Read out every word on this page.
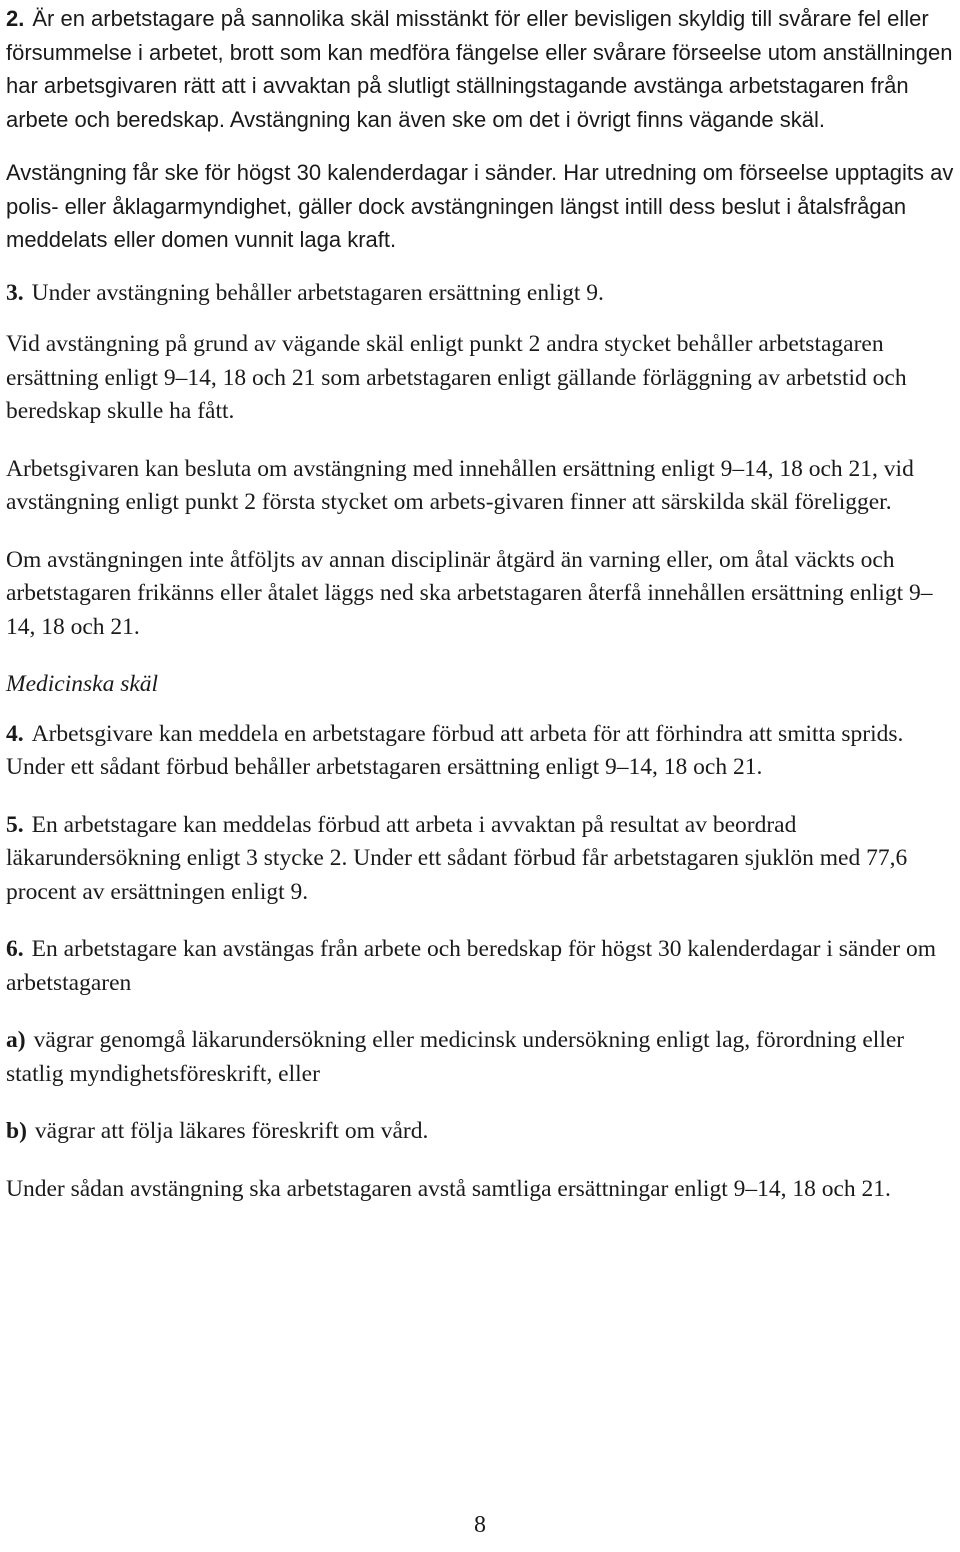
2. Är en arbetstagare på sannolika skäl misstänkt för eller bevisligen skyldig till svårare fel eller försummelse i arbetet, brott som kan medföra fängelse eller svårare förseelse utom anställningen har arbetsgivaren rätt att i avvaktan på slutligt ställningstagande avstänga arbetstagaren från arbete och beredskap. Avstängning kan även ske om det i övrigt finns vägande skäl.

Avstängning får ske för högst 30 kalenderdagar i sänder. Har utredning om förseelse upptagits av polis- eller åklagarmyndighet, gäller dock avstängningen längst intill dess beslut i åtalsfrågan meddelats eller domen vunnit laga kraft.

3. Under avstängning behåller arbetstagaren ersättning enligt 9.

Vid avstängning på grund av vägande skäl enligt punkt 2 andra stycket behåller arbetstagaren ersättning enligt 9–14, 18 och 21 som arbetstagaren enligt gällande förläggning av arbetstid och beredskap skulle ha fått.

Arbetsgivaren kan besluta om avstängning med innehållen ersättning enligt 9–14, 18 och 21, vid avstängning enligt punkt 2 första stycket om arbets-givaren finner att särskilda skäl föreligger.

Om avstängningen inte åtföljts av annan disciplinär åtgärd än varning eller, om åtal väckts och arbetstagaren frikänns eller åtalet läggs ned ska arbetstagaren återfå innehållen ersättning enligt 9–14, 18 och 21.

Medicinska skäl

4. Arbetsgivare kan meddela en arbetstagare förbud att arbeta för att förhindra att smitta sprids. Under ett sådant förbud behåller arbetstagaren ersättning enligt 9–14, 18 och 21.

5. En arbetstagare kan meddelas förbud att arbeta i avvaktan på resultat av beordrad läkarundersökning enligt 3 stycke 2. Under ett sådant förbud får arbetstagaren sjuklön med 77,6 procent av ersättningen enligt 9.

6. En arbetstagare kan avstängas från arbete och beredskap för högst 30 kalenderdagar i sänder om arbetstagaren

a) vägrar genomgå läkarundersökning eller medicinsk undersökning enligt lag, förordning eller statlig myndighetsföreskrift, eller

b) vägrar att följa läkares föreskrift om vård.

Under sådan avstängning ska arbetstagaren avstå samtliga ersättningar enligt 9–14, 18 och 21.

8
